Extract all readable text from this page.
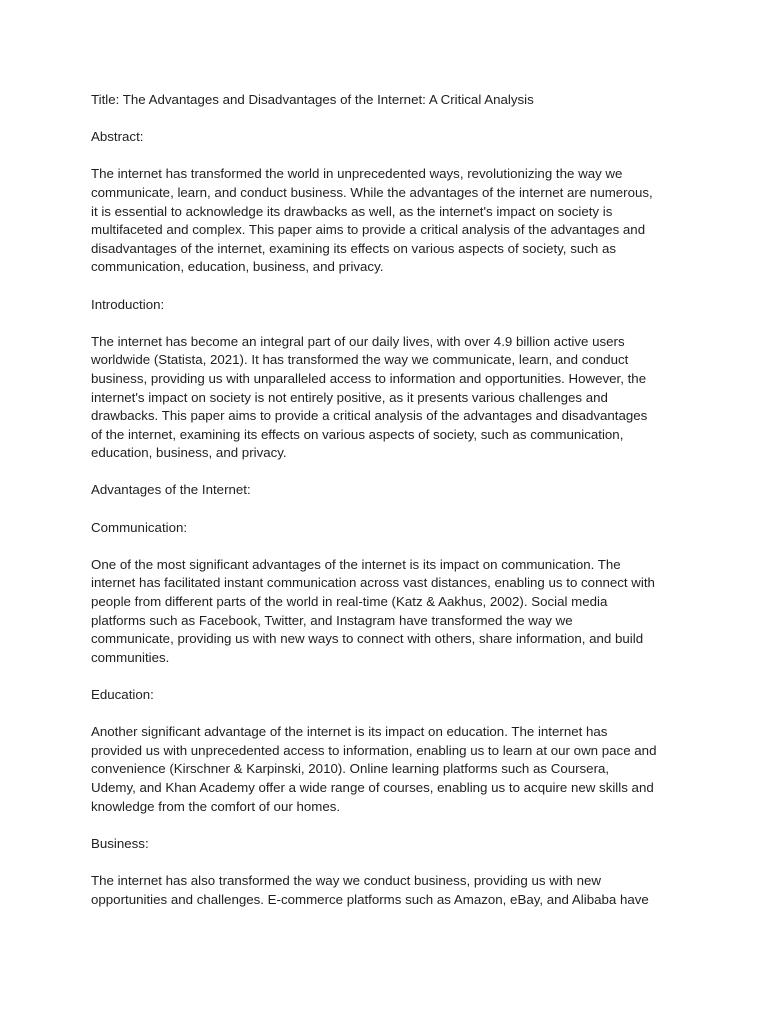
Title: The Advantages and Disadvantages of the Internet: A Critical Analysis

Abstract:

The internet has transformed the world in unprecedented ways, revolutionizing the way we
communicate, learn, and conduct business. While the advantages of the internet are numerous,
it is essential to acknowledge its drawbacks as well, as the internet's impact on society is
multifaceted and complex. This paper aims to provide a critical analysis of the advantages and
disadvantages of the internet, examining its effects on various aspects of society, such as
communication, education, business, and privacy.

Introduction:

The internet has become an integral part of our daily lives, with over 4.9 billion active users
worldwide (Statista, 2021). It has transformed the way we communicate, learn, and conduct
business, providing us with unparalleled access to information and opportunities. However, the
internet's impact on society is not entirely positive, as it presents various challenges and
drawbacks. This paper aims to provide a critical analysis of the advantages and disadvantages
of the internet, examining its effects on various aspects of society, such as communication,
education, business, and privacy.

Advantages of the Internet:

Communication:

One of the most significant advantages of the internet is its impact on communication. The
internet has facilitated instant communication across vast distances, enabling us to connect with
people from different parts of the world in real-time (Katz & Aakhus, 2002). Social media
platforms such as Facebook, Twitter, and Instagram have transformed the way we
communicate, providing us with new ways to connect with others, share information, and build
communities.

Education:

Another significant advantage of the internet is its impact on education. The internet has
provided us with unprecedented access to information, enabling us to learn at our own pace and
convenience (Kirschner & Karpinski, 2010). Online learning platforms such as Coursera,
Udemy, and Khan Academy offer a wide range of courses, enabling us to acquire new skills and
knowledge from the comfort of our homes.

Business:

The internet has also transformed the way we conduct business, providing us with new
opportunities and challenges. E-commerce platforms such as Amazon, eBay, and Alibaba have
